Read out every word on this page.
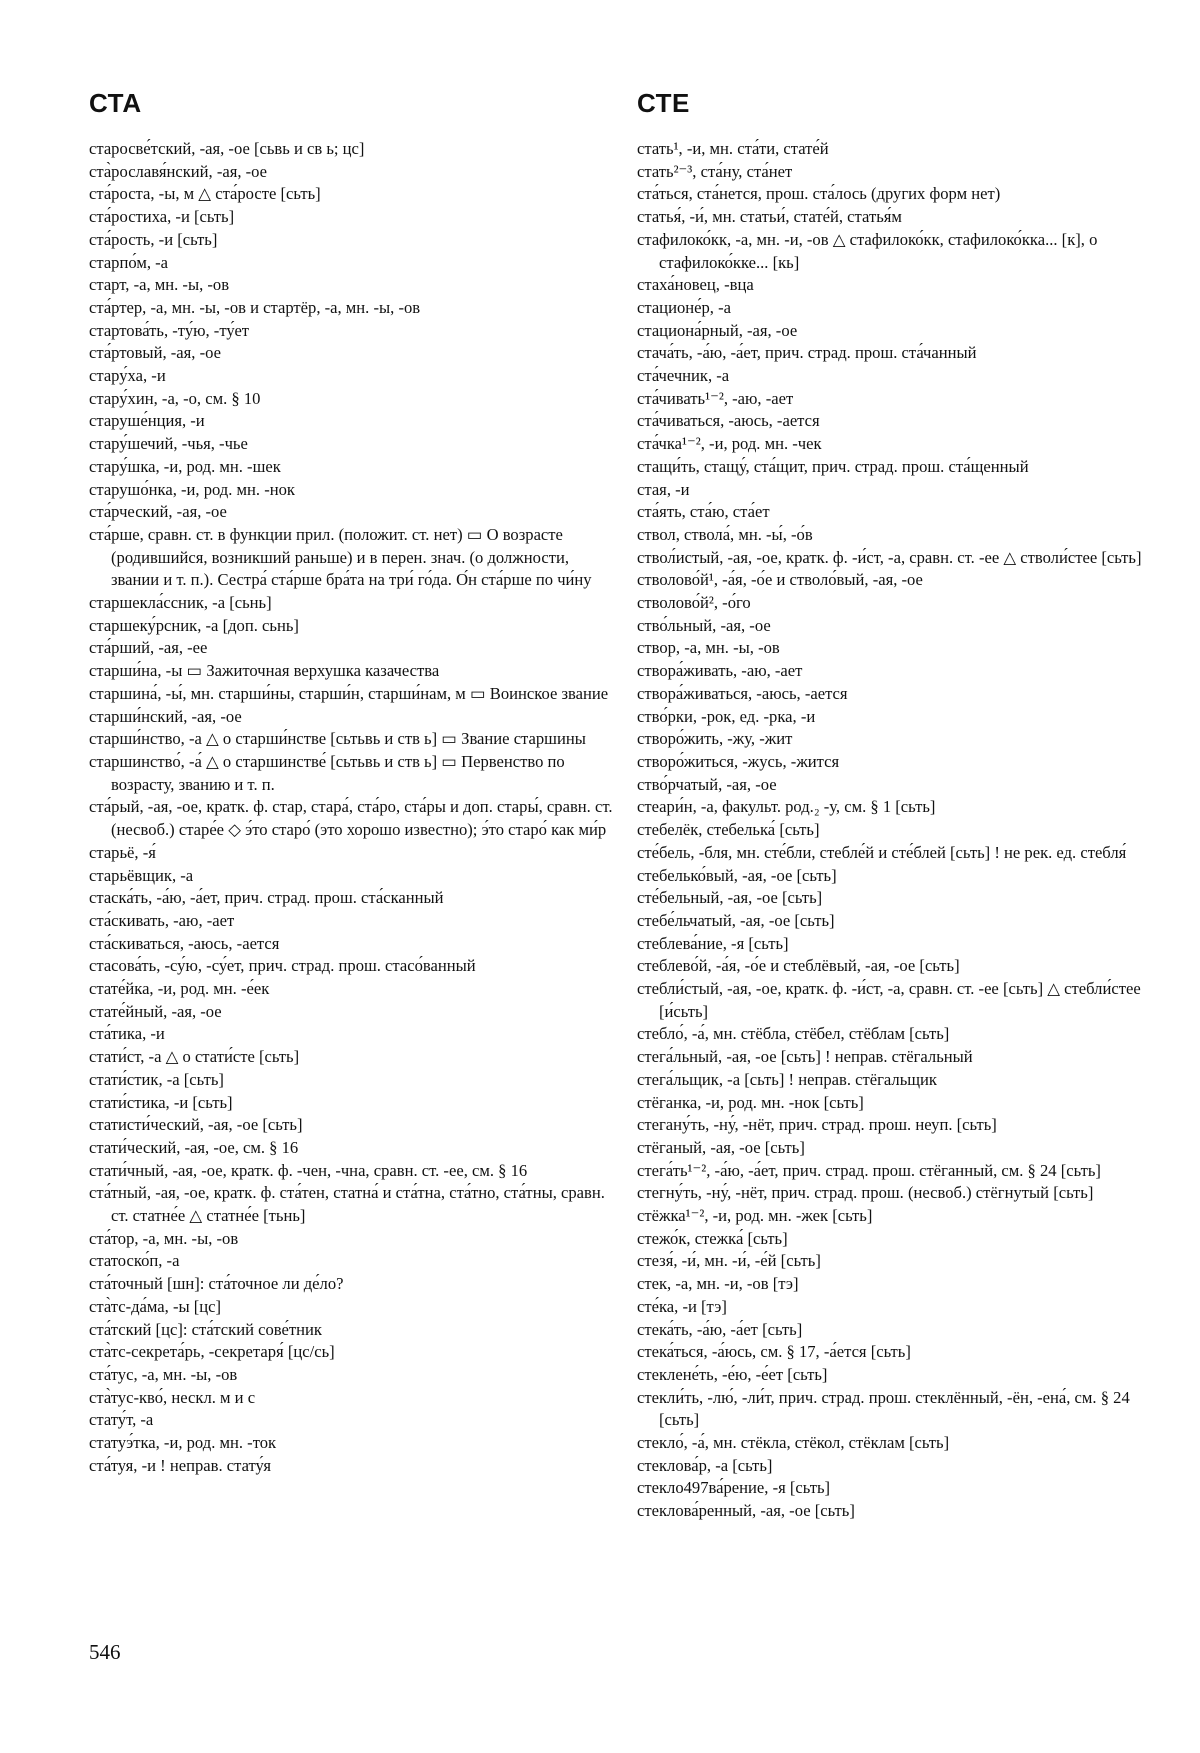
СТА
старосве́тский, -ая, -ое [сьвь и св ь; цс]
ста̀рославя́нский, -ая, -ое
ста́роста, -ы, м △ ста́росте [сьть]
ста́ростиха, -и [сьть]
ста́рость, -и [сьть]
старпо́м, -а
старт, -а, мн. -ы, -ов
ста́ртер, -а, мн. -ы, -ов и стартёр, -а, мн. -ы, -ов
стартова́ть, -ту́ю, -ту́ет
ста́ртовый, -ая, -ое
стару́ха, -и
стару́хин, -а, -о, см. § 10
старуше́нция, -и
стару́шечий, -чья, -чье
стару́шка, -и, род. мн. -шек
старушо́нка, -и, род. мн. -нок
ста́рческий, -ая, -ое
ста́рше, сравн. ст. в функции прил. (положит. ст. нет) ▭ О возрасте (родившийся, возникший раньше) и в перен. знач. (о должности, звании и т. п.). Сестра́ ста́рше бра́та на три́ го́да. О́н ста́рше по чи́ну
старшекла́ссник, -а [сьнь]
старшеку́рсник, -а [доп. сьнь]
ста́рший, -ая, -ее
старши́на, -ы ▭ Зажиточная верхушка казачества
старшина́, -ы́, мн. старши́ны, старши́н, старши́нам, м ▭ Воинское звание
старши́нский, -ая, -ое
старши́нство, -а △ о старши́нстве [сьтьвь и ств ь] ▭ Звание старшины
старшинство́, -а́ △ о старшинстве́ [сьтьвь и ств ь] ▭ Первенство по возрасту, званию и т. п.
ста́рый, -ая, -ое, кратк. ф. стар, стара́, ста́ро, ста́ры и доп. стары́, сравн. ст. (несвоб.) старе́е ◇ э́то старо́ (это хорошо известно); э́то старо́ как ми́р
старьё, -я́
старьёвщик, -а
стаска́ть, -а́ю, -а́ет, прич. страд. прош. ста́сканный
ста́скивать, -аю, -ает
ста́скиваться, -аюсь, -ается
стасова́ть, -су́ю, -су́ет, прич. страд. прош. стасо́ванный
стате́йка, -и, род. мн. -е́ек
стате́йный, -ая, -ое
ста́тика, -и
стати́ст, -а △ о стати́сте [сьть]
стати́стик, -а [сьть]
стати́стика, -и [сьть]
статисти́ческий, -ая, -ое [сьть]
стати́ческий, -ая, -ое, см. § 16
стати́чный, -ая, -ое, кратк. ф. -чен, -чна, сравн. ст. -ее, см. § 16
ста́тный, -ая, -ое, кратк. ф. ста́тен, статна́ и ста́тна, ста́тно, ста́тны, сравн. ст. статне́е △ статне́е [тьнь]
ста́тор, -а, мн. -ы, -ов
статоско́п, -а
ста́точный [шн]: ста́точное ли де́ло?
ста̀тс-да́ма, -ы [цс]
ста́тский [цс]: ста́тский сове́тник
ста̀тс-секрета́рь, -секретаря́ [цс/сь]
ста́тус, -а, мн. -ы, -ов
ста̀тус-кво́, нескл. м и с
стату́т, -а
статуэ́тка, -и, род. мн. -ток
ста́туя, -и ! неправ. стату́я
СТЕ
стать¹, -и, мн. ста́ти, стате́й
стать²⁻³, ста́ну, ста́нет
ста́ться, ста́нется, прош. ста́лось (других форм нет)
статья́, -и́, мн. статьи́, стате́й, статья́м
стафилоко́кк, -а, мн. -и, -ов △ стафилоко́кк, стафилоко́кка... [к], о стафилоко́кке... [кь]
стаха́новец, -вца
стационе́р, -а
стациона́рный, -ая, -ое
стача́ть, -а́ю, -а́ет, прич. страд. прош. ста́чанный
ста́чечник, -а
ста́чивать¹⁻², -аю, -ает
ста́чиваться, -аюсь, -ается
ста́чка¹⁻², -и, род. мн. -чек
стащи́ть, стащу́, ста́щит, прич. страд. прош. ста́щенный
стая, -и
ста́ять, ста́ю, ста́ет
ствол, ствола́, мн. -ы́, -о́в
ствол́истый, -ая, -ое, кратк. ф. -и́ст, -а, сравн. ст. -ее △ стволи́стее [сьть]
стволово́й¹, -а́я, -о́е и стволо́вый, -ая, -ое
стволово́й², -о́го
ство́льный, -ая, -ое
створ, -а, мн. -ы, -ов
створа́живать, -аю, -ает
створа́живаться, -аюсь, -ается
ство́рки, -рок, ед. -рка, -и
створо́жить, -жу, -жит
створо́житься, -жусь, -жится
ство́рчатый, -ая, -ое
стеари́н, -а, факульт. род.₂ -у, см. § 1 [сьть]
стебелёк, стебелька́ [сьть]
сте́бель, -бля, мн. сте́бли, стебле́й и сте́блей [сьть] ! не рек. ед. стебля́
стебелько́вый, -ая, -ое [сьть]
сте́бельный, -ая, -ое [сьть]
стебе́льчатый, -ая, -ое [сьть]
стеблева́ние, -я [сьть]
стеблево́й, -а́я, -о́е и стеблёвый, -ая, -ое [сьть]
стебли́стый, -ая, -ое, кратк. ф. -и́ст, -а, сравн. ст. -ее [сьть] △ стебли́стее [и́сьть]
стебло́, -а́, мн. стёбла, стёбел, стёблам [сьть]
стега́льный, -ая, -ое [сьть] ! неправ. стёгальный
стега́льщик, -а [сьть] ! неправ. стёгальщик
стёганка, -и, род. мн. -нок [сьть]
стегану́ть, -ну́, -нёт, прич. страд. прош. неуп. [сьть]
стёганый, -ая, -ое [сьть]
стега́ть¹⁻², -а́ю, -а́ет, прич. страд. прош. стёганный, см. § 24 [сьть]
стегну́ть, -ну́, -нёт, прич. страд. прош. (несвоб.) стёгнутый [сьть]
стёжка¹⁻², -и, род. мн. -жек [сьть]
стежо́к, стежка́ [сьть]
стезя́, -и́, мн. -и́, -е́й [сьть]
стек, -а, мн. -и, -ов [тэ]
сте́ка, -и [тэ]
стека́ть, -а́ю, -а́ет [сьть]
стека́ться, -а́юсь, см. § 17, -а́ется [сьть]
стеклене́ть, -е́ю, -е́ет [сьть]
стекли́ть, -лю́, -ли́т, прич. страд. прош. стеклённый, -ён, -ена́, см. § 24 [сьть]
стекло́, -а́, мн. стёкла, стёкол, стёклам [сьть]
стеклова́р, -а [сьть]
стекло497ва́рение, -я [сьть]
стеклова́ренный, -ая, -ое [сьть]
546
